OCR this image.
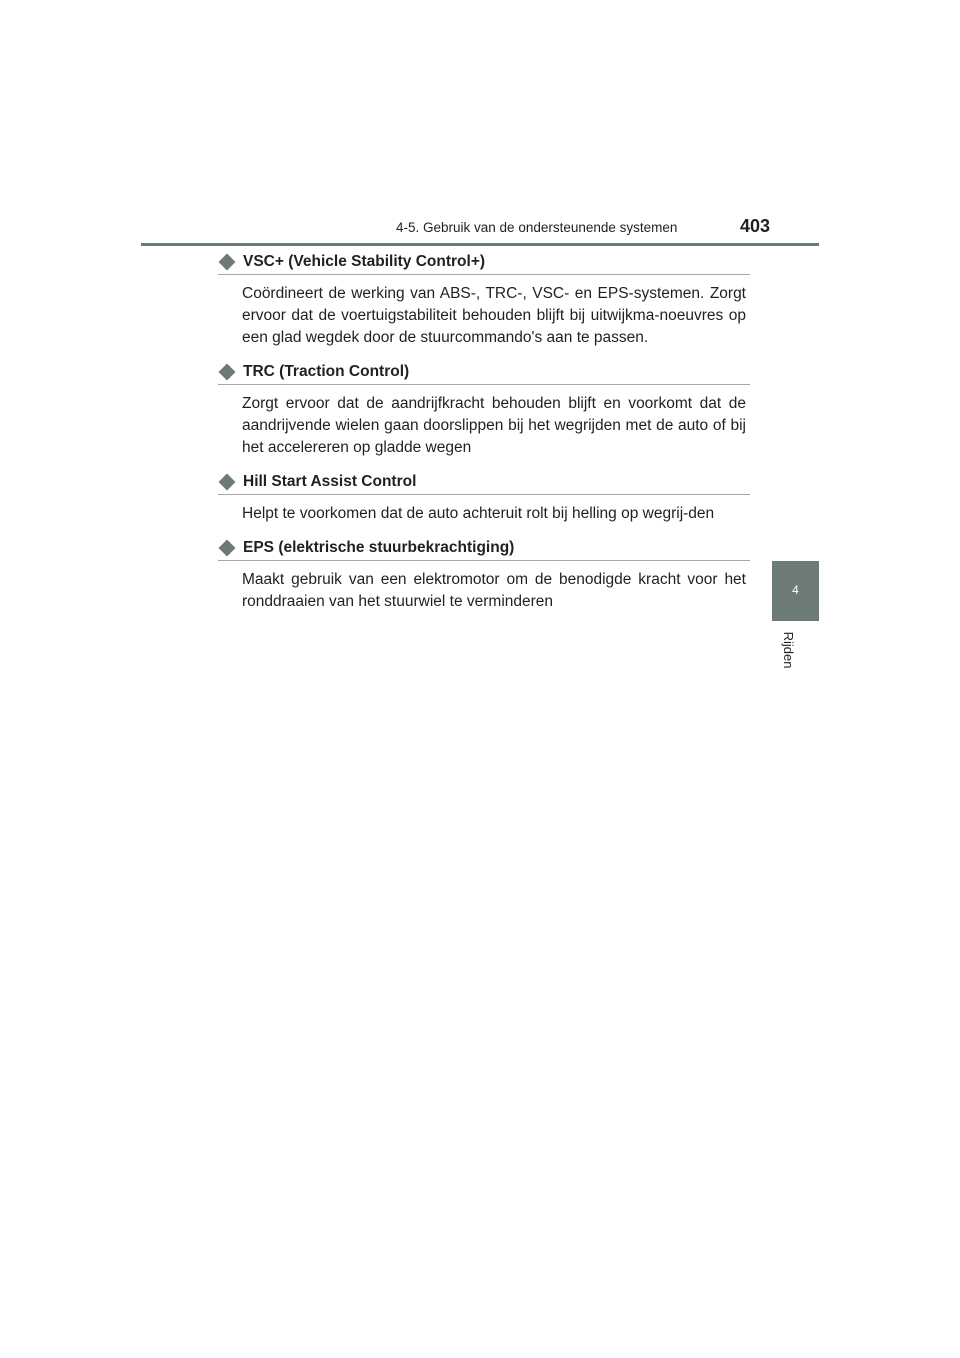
4-5. Gebruik van de ondersteunende systemen	403
4
Rijden
VSC+ (Vehicle Stability Control+)
Coördineert de werking van ABS-, TRC-, VSC- en EPS-systemen. Zorgt ervoor dat de voertuigstabiliteit behouden blijft bij uitwijkma-noeuvres op een glad wegdek door de stuurcommando's aan te passen.
TRC (Traction Control)
Zorgt ervoor dat de aandrijfkracht behouden blijft en voorkomt dat de aandrijvende wielen gaan doorslippen bij het wegrijden met de auto of bij het accelereren op gladde wegen
Hill Start Assist Control
Helpt te voorkomen dat de auto achteruit rolt bij helling op wegrij-den
EPS (elektrische stuurbekrachtiging)
Maakt gebruik van een elektromotor om de benodigde kracht voor het ronddraaien van het stuurwiel te verminderen
